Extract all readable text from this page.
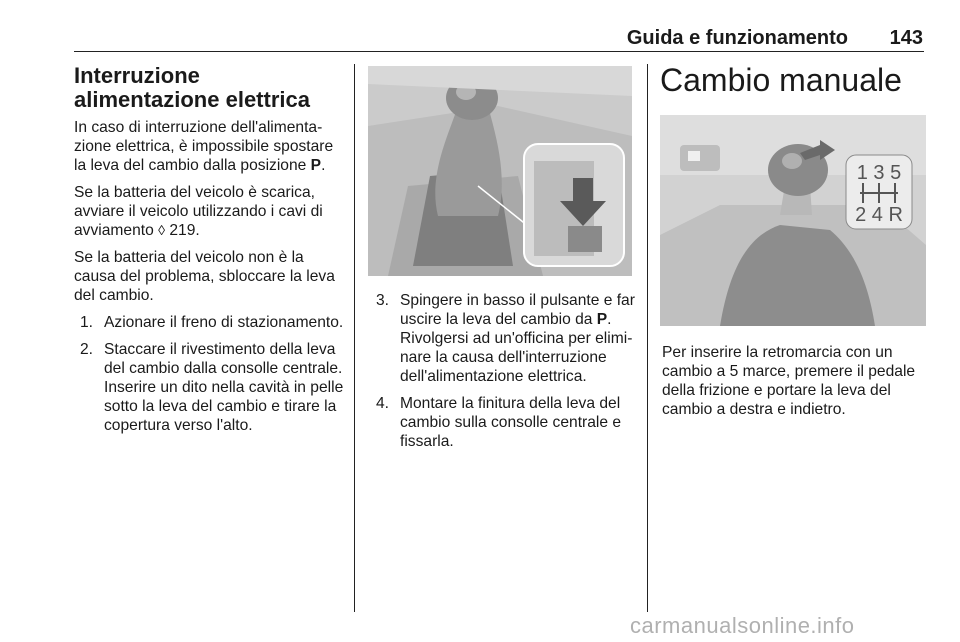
Guida e funzionamento 143
Interruzione alimentazione elettrica

In caso di interruzione dell'alimentazione elettrica, è impossibile spostare la leva del cambio dalla posizione P.

Se la batteria del veicolo è scarica, avviare il veicolo utilizzando i cavi di avviamento ◊ 219.

Se la batteria del veicolo non è la causa del problema, sbloccare la leva del cambio.

1. Azionare il freno di stazionamento.
2. Staccare il rivestimento della leva del cambio dalla consolle centrale. Inserire un dito nella cavità in pelle sotto la leva del cambio e tirare la copertura verso l'alto.
3. Spingere in basso il pulsante e far uscire la leva del cambio da P. Rivolgersi ad un'officina per eliminare la causa dell'interruzione dell'alimentazione elettrica.
4. Montare la finitura della leva del cambio sulla consolle centrale e fissarla.
Cambio manuale
1 3 5
2 4 R

Per inserire la retromarcia con un cambio a 5 marce, premere il pedale della frizione e portare la leva del cambio a destra e indietro.

carmanualsonline.info
